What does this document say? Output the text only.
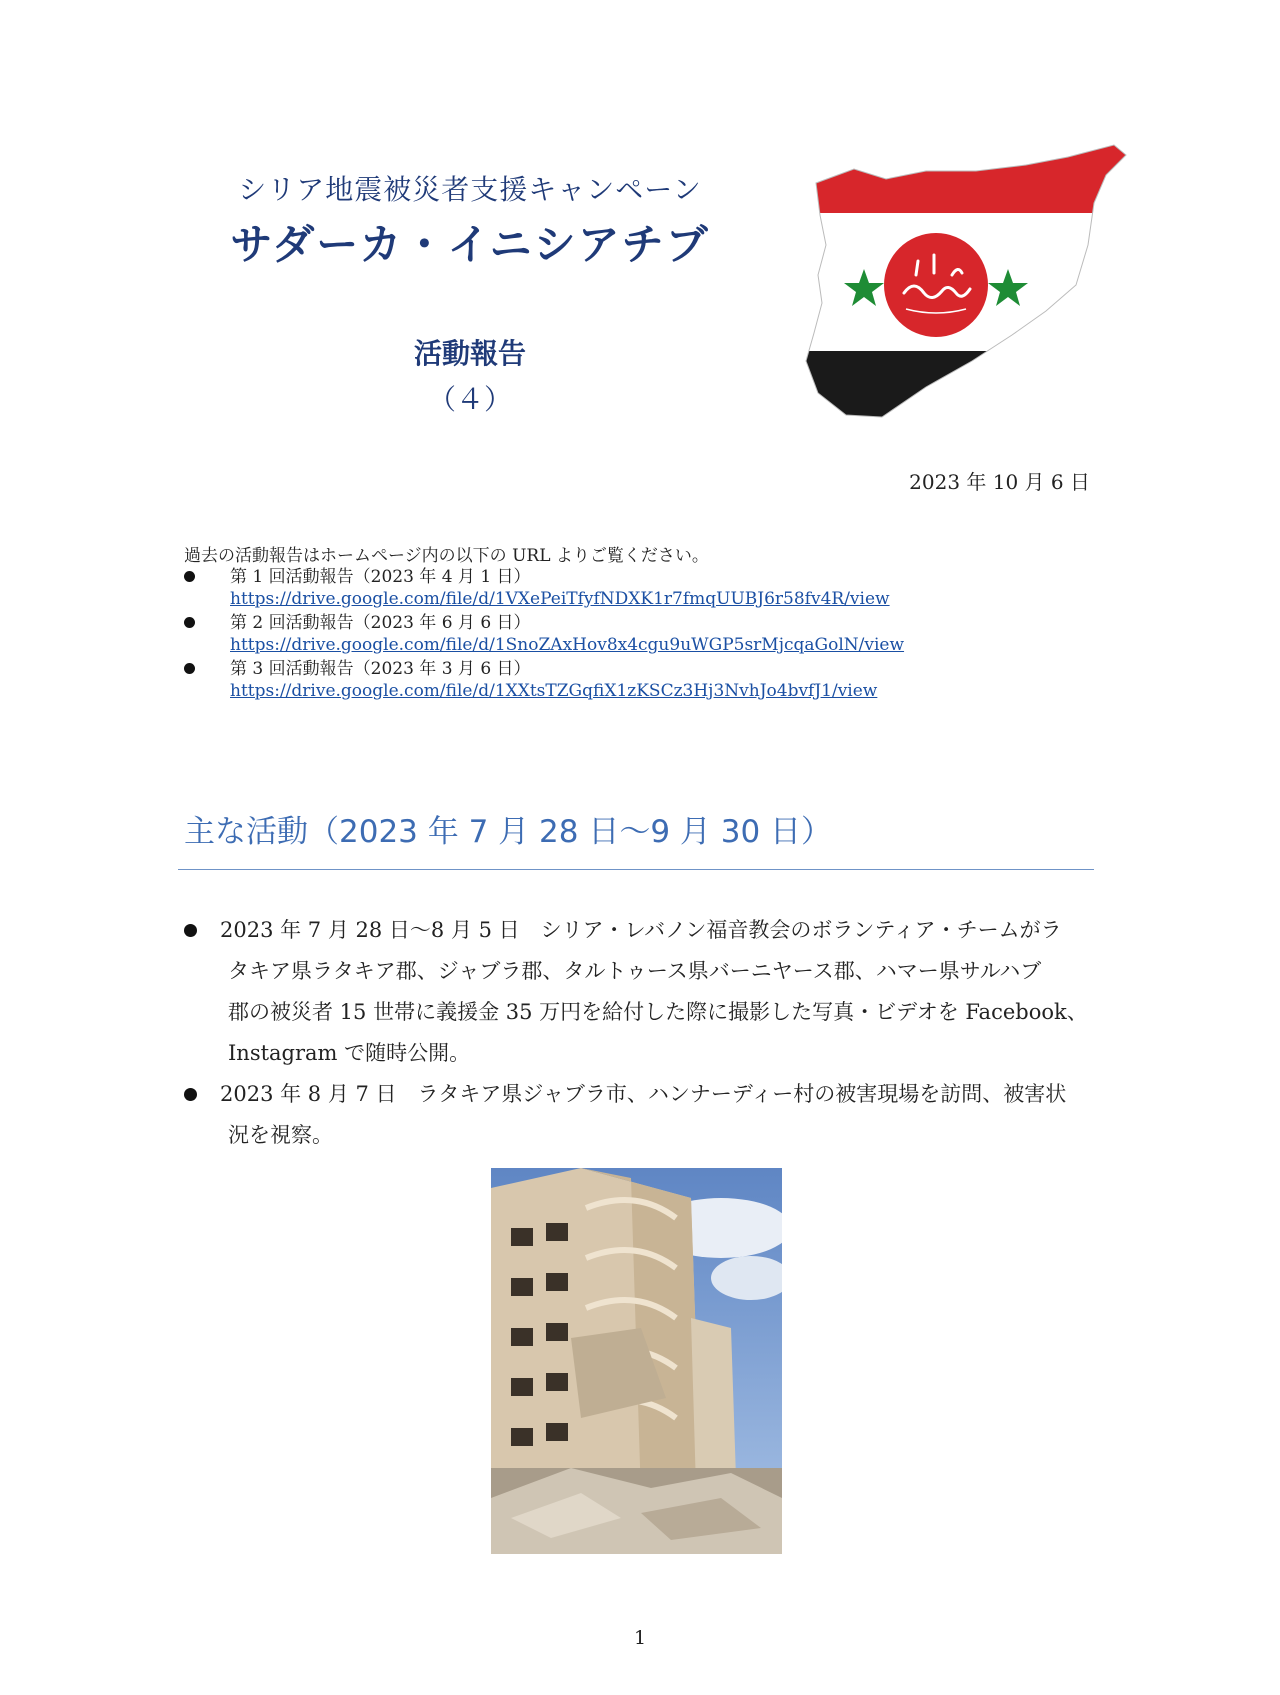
シリア地震被災者支援キャンペーン
サダーカ・イニシアチブ
活動報告
（４）
2023 年 10 月 6 日
過去の活動報告はホームページ内の以下の URL よりご覧ください。
第 1 回活動報告（2023 年 4 月 1 日）
https://drive.google.com/file/d/1VXePeiTfyfNDXK1r7fmqUUBJ6r58fv4R/view
第 2 回活動報告（2023 年 6 月 6 日）
https://drive.google.com/file/d/1SnoZAxHov8x4cgu9uWGP5srMjcqaGolN/view
第 3 回活動報告（2023 年 3 月 6 日）
https://drive.google.com/file/d/1XXtsTZGqfiX1zKSCz3Hj3NvhJo4bvfJ1/view
主な活動（2023 年 7 月 28 日〜9 月 30 日）
2023 年 7 月 28 日〜8 月 5 日　シリア・レバノン福音教会のボランティア・チームがラ
タキア県ラタキア郡、ジャブラ郡、タルトゥース県バーニヤース郡、ハマー県サルハブ
郡の被災者 15 世帯に義援金 35 万円を給付した際に撮影した写真・ビデオを Facebook、
Instagram で随時公開。
2023 年 8 月 7 日　ラタキア県ジャブラ市、ハンナーディー村の被害現場を訪問、被害状
況を視察。
1
